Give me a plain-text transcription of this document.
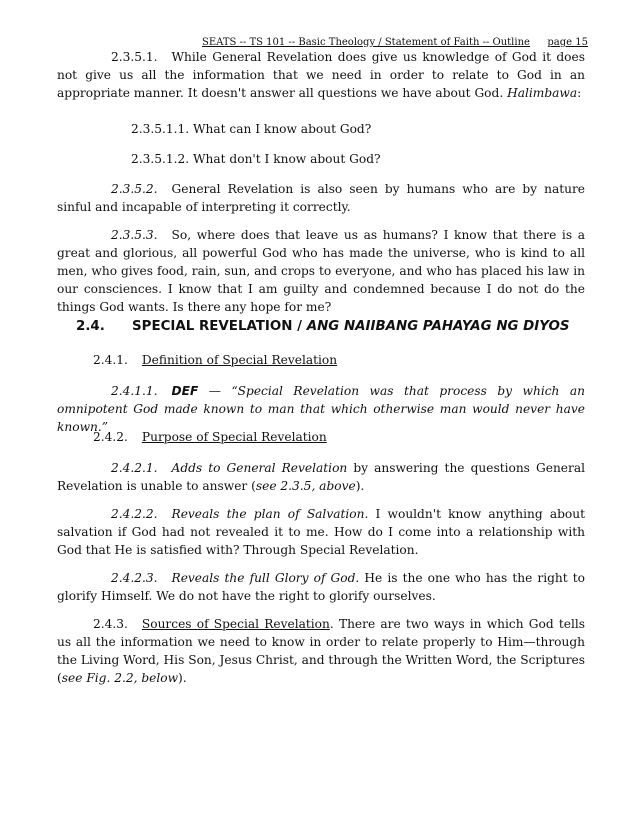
SEATS -- TS 101 -- Basic Theology / Statement of Faith -- Outline page 15

2.3.5.1. While General Revelation does give us knowledge of God it does not give us all the information that we need in order to relate to God in an appropriate manner. It doesn't answer all questions we have about God. Halimbawa:

2.3.5.1.1. What can I know about God?

2.3.5.1.2. What don't I know about God?

2.3.5.2. General Revelation is also seen by humans who are by nature sinful and incapable of interpreting it correctly.

2.3.5.3. So, where does that leave us as humans? I know that there is a great and glorious, all powerful God who has made the universe, who is kind to all men, who gives food, rain, sun, and crops to everyone, and who has placed his law in our consciences. I know that I am guilty and condemned because I do not do the things God wants. Is there any hope for me?

2.4. SPECIAL REVELATION / ANG NAIIBANG PAHAYAG NG DIYOS

2.4.1. Definition of Special Revelation

2.4.1.1. DEF — “Special Revelation was that process by which an omnipotent God made known to man that which otherwise man would never have known.”

2.4.2. Purpose of Special Revelation

2.4.2.1. Adds to General Revelation by answering the questions General Revelation is unable to answer (see 2.3.5, above).

2.4.2.2. Reveals the plan of Salvation. I wouldn't know anything about salvation if God had not revealed it to me. How do I come into a relationship with God that He is satisfied with? Through Special Revelation.

2.4.2.3. Reveals the full Glory of God. He is the one who has the right to glorify Himself. We do not have the right to glorify ourselves.

2.4.3. Sources of Special Revelation. There are two ways in which God tells us all the information we need to know in order to relate properly to Him—through the Living Word, His Son, Jesus Christ, and through the Written Word, the Scriptures (see Fig. 2.2, below).
